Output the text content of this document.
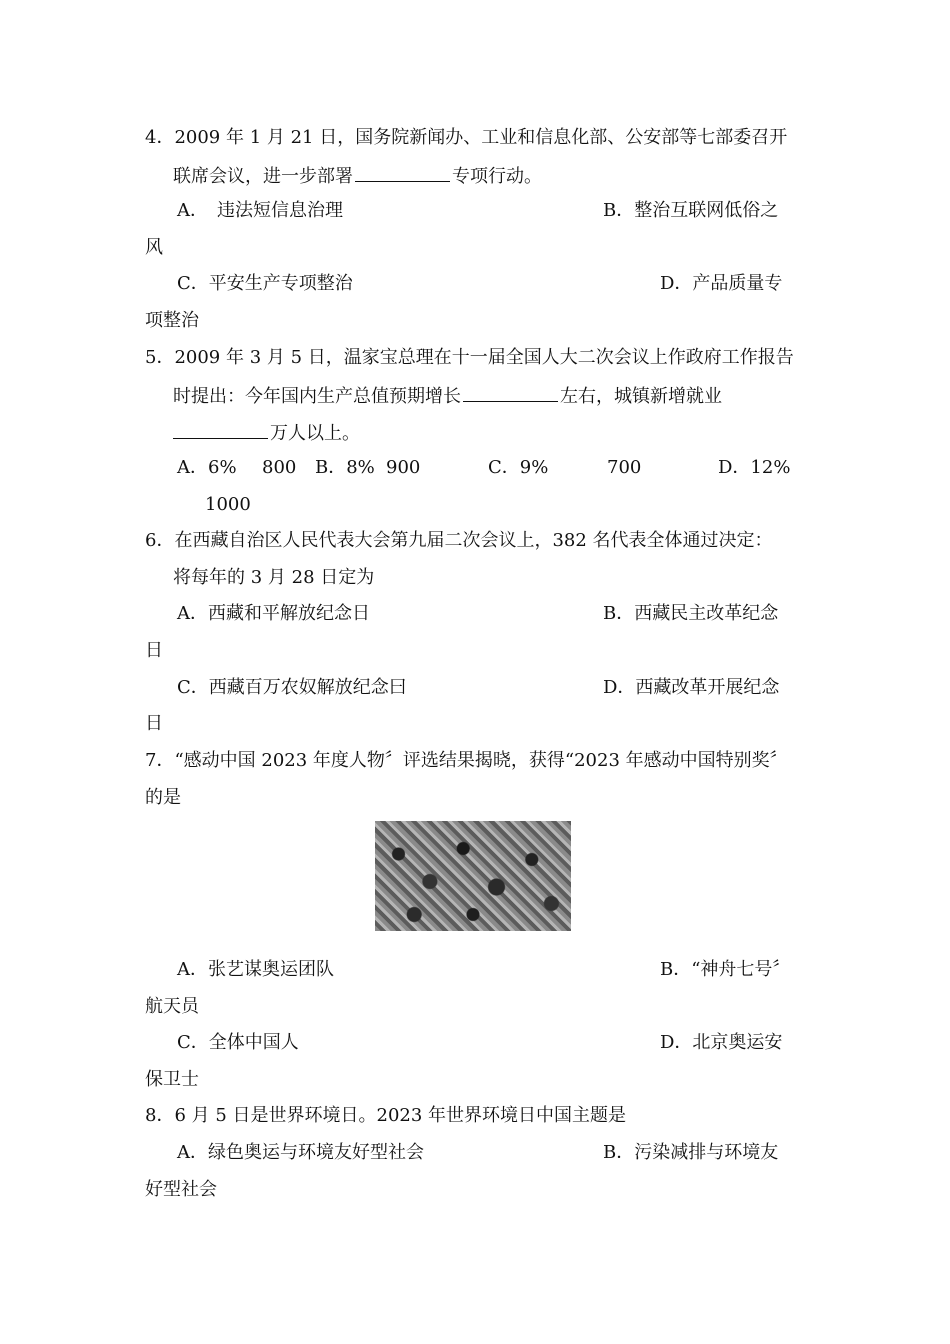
4．2009 年 1 月 21 日，国务院新闻办、工业和信息化部、公安部等七部委召开
联席会议，进一步部署	专项行动。
A．　违法短信息治理	B．整治互联网低俗之
风
C．平安生产专项整治	D．产品质量专
项整治
5．2009 年 3 月 5 日，温家宝总理在十一届全国人大二次会议上作政府工作报告
时提出：今年国内生产总值预期增长	左右，城镇新增就业
万人以上。
A．6% 800 B．8% 900	C．9%	700	D．12%
1000
6．在西藏自治区人民代表大会第九届二次会议上，382 名代表全体通过决定：
将每年的 3 月 28 日定为
A．西藏和平解放纪念日	B．西藏民主改革纪念
日
C．西藏百万农奴解放纪念曰	D．西藏改革开展纪念
日
7．“感动中国 2023 年度人物〞评选结果揭晓，获得“2023 年感动中国特别奖〞
的是
A．张艺谋奥运团队	B．“神舟七号〞
航天员
C．全体中国人	D．北京奥运安
保卫士
8．6 月 5 日是世界环境日。2023 年世界环境日中国主题是
A．绿色奥运与环境友好型社会	B．污染减排与环境友
好型社会
